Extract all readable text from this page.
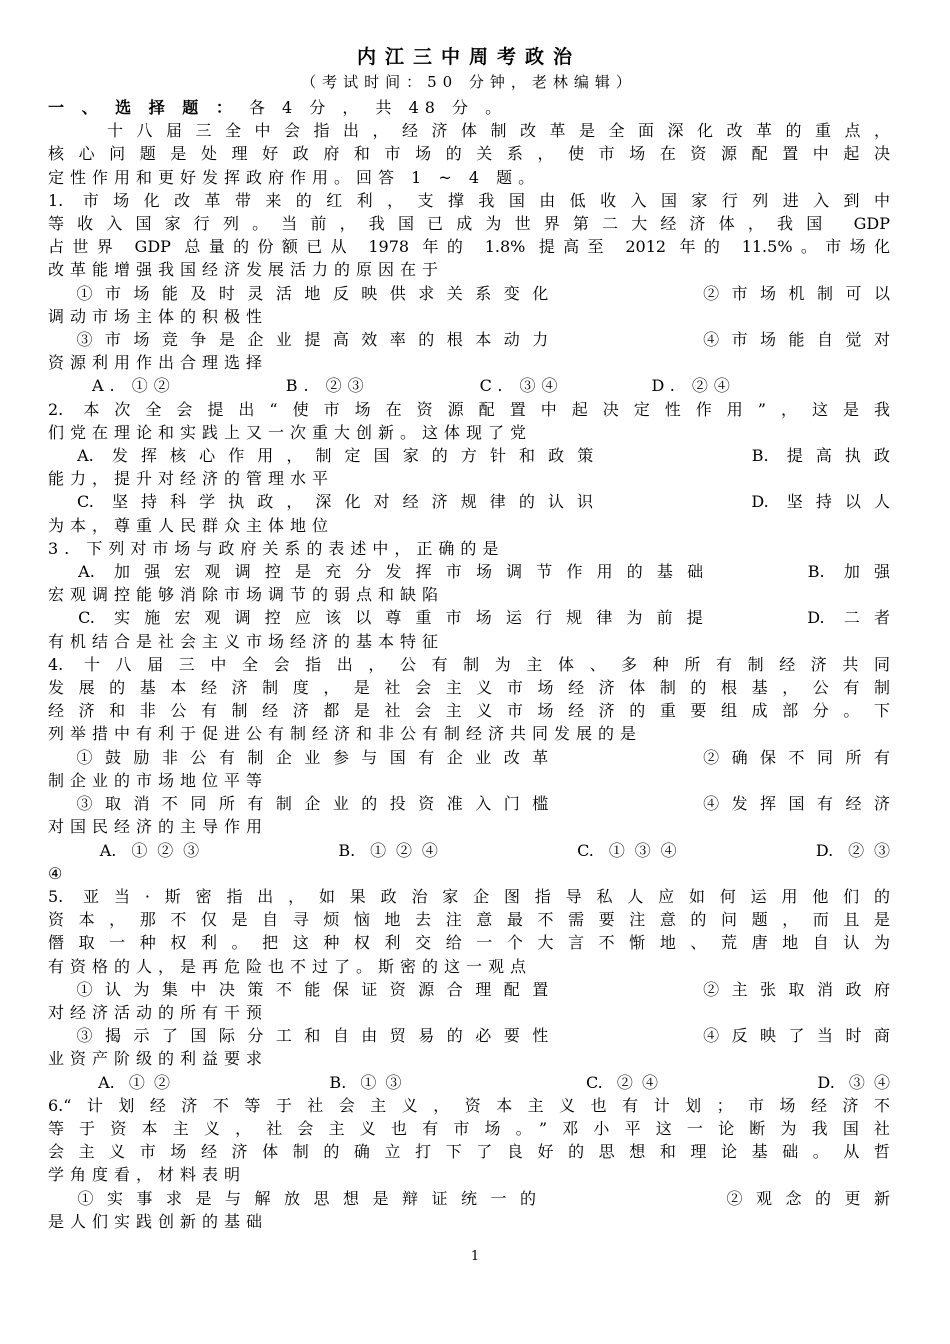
内江三中周考政治
（考试时间：50 分钟，老林编辑）
一 、 选 择 题 ： 各 4 分 ， 共 48 分 。
　　十八届三全中会指出，经济体制改革是全面深化改革的重点，
核心问题是处理好政府和市场的关系，使市场在资源配置中起决
定性作用和更好发挥政府作用。回答 1 ~ 4 题。
1. 市场化改革带来的红利，支撑我国由低收入国家行列进入到中
等收入国家行列。当前，我国已成为世界第二大经济体，我国 GDP
占世界 GDP 总量的份额已从 1978 年的 1.8% 提高至 2012 年的 11.5%。市场化
改革能增强我国经济发展活力的原因在于
　①市场能及时灵活地反映供求关系变化　　　　　②市场机制可以
调动市场主体的积极性
　③市场竞争是企业提高效率的根本动力　　　　　④市场能自觉对
资源利用作出合理选择
　　A. ①②　　　　　B. ②③　　　　　C. ③④　　　　D. ②④
2. 本次全会提出“使市场在资源配置中起决定性作用”，这是我
们党在理论和实践上又一次重大创新。这体现了党
　A. 发挥核心作用，制定国家的方针和政策　　　　　B. 提高执政
能力，提升对经济的管理水平
　C. 坚持科学执政，深化对经济规律的认识　　　　　D. 坚持以人
为本，尊重人民群众主体地位
3. 下列对市场与政府关系的表述中，正确的是
　A. 加强宏观调控是充分发挥市场调节作用的基础　　　B. 加强
宏观调控能够消除市场调节的弱点和缺陷
　C. 实施宏观调控应该以尊重市场运行规律为前提　　　D. 二者
有机结合是社会主义市场经济的基本特征
4. 十八届三中全会指出，公有制为主体、多种所有制经济共同
发展的基本经济制度，是社会主义市场经济体制的根基，公有制
经济和非公有制经济都是社会主义市场经济的重要组成部分。下
列举措中有利于促进公有制经济和非公有制经济共同发展的是
　①鼓励非公有制企业参与国有企业改革　　　　　②确保不同所有
制企业的市场地位平等
　③取消不同所有制企业的投资准入门槛　　　　　④发挥国有经济
对国民经济的主导作用
　　A. ①②③　　　　　B. ①②④　　　　　C. ①③④　　　　　D. ②③
④
5. 亚当·斯密指出，如果政治家企图指导私人应如何运用他们的
资本，那不仅是自寻烦恼地去注意最不需要注意的问题，而且是
僭取一种权利。把这种权利交给一个大言不惭地、荒唐地自认为
有资格的人，是再危险也不过了。斯密的这一观点
　①认为集中决策不能保证资源合理配置　　　　　②主张取消政府
对经济活动的所有干预
　③揭示了国际分工和自由贸易的必要性　　　　　④反映了当时商
业资产阶级的利益要求
　　A. ①②　　　　　　B. ①③　　　　　　　C. ②④　　　　　　D. ③④
6.“计划经济不等于社会主义，资本主义也有计划；市场经济不
等于资本主义，社会主义也有市场。”邓小平这一论断为我国社
会主义市场经济体制的确立打下了良好的思想和理论基础。从哲
学角度看，材料表明
　①实事求是与解放思想是辩证统一的　　　　　　②观念的更新
是人们实践创新的基础
1
